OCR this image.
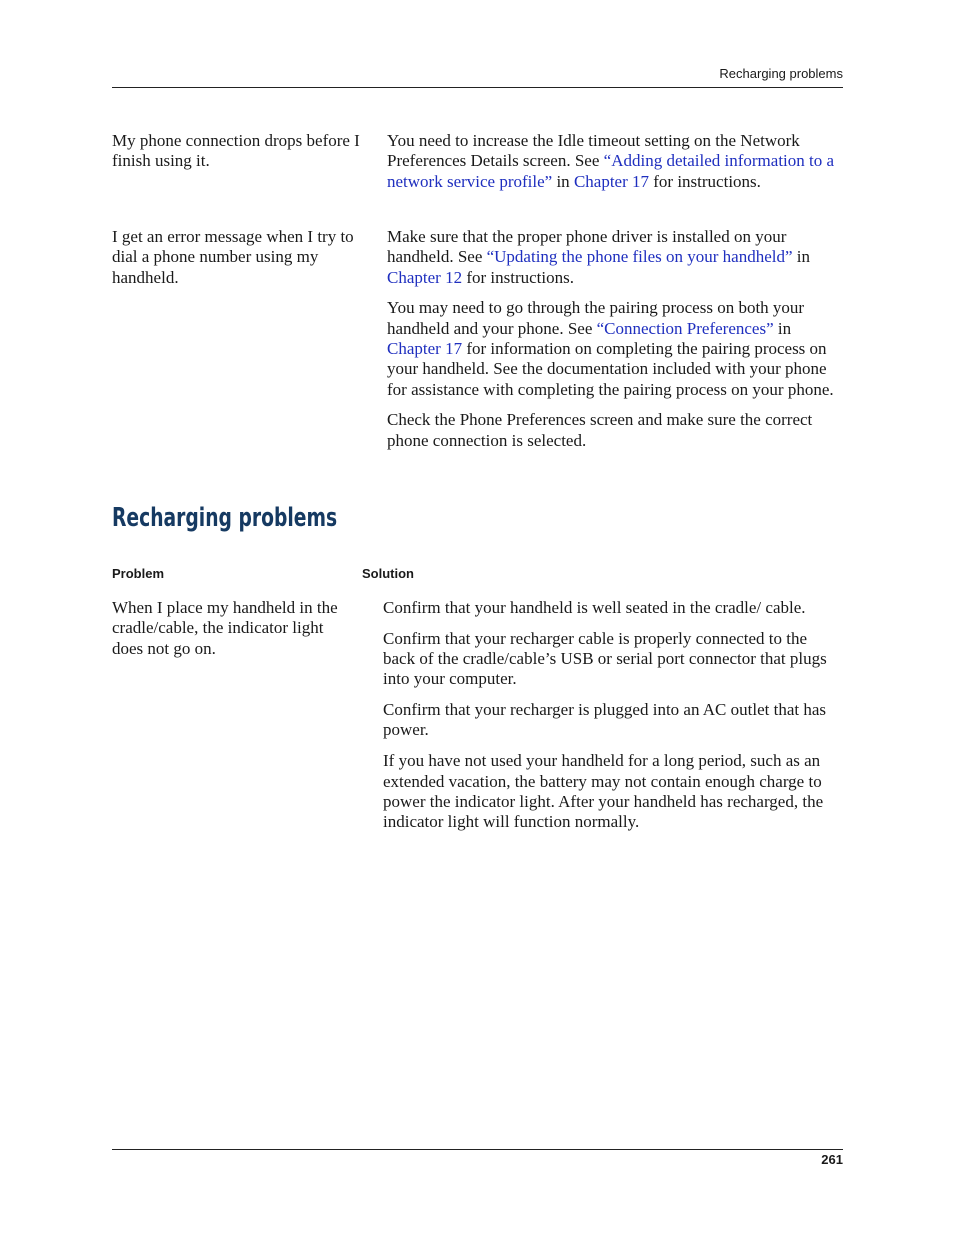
Recharging problems
My phone connection drops before I finish using it.

You need to increase the Idle timeout setting on the Network Preferences Details screen. See “Adding detailed information to a network service profile” in Chapter 17 for instructions.

I get an error message when I try to dial a phone number using my handheld.

Make sure that the proper phone driver is installed on your handheld. See “Updating the phone files on your handheld” in Chapter 12 for instructions.

You may need to go through the pairing process on both your handheld and your phone. See “Connection Preferences” in Chapter 17 for information on completing the pairing process on your handheld. See the documentation included with your phone for assistance with completing the pairing process on your phone.

Check the Phone Preferences screen and make sure the correct phone connection is selected.

Recharging problems
Problem	Solution
When I place my handheld in the cradle/cable, the indicator light does not go on.

Confirm that your handheld is well seated in the cradle/ cable.

Confirm that your recharger cable is properly connected to the back of the cradle/cable’s USB or serial port connector that plugs into your computer.

Confirm that your recharger is plugged into an AC outlet that has power.

If you have not used your handheld for a long period, such as an extended vacation, the battery may not contain enough charge to power the indicator light. After your handheld has recharged, the indicator light will function normally.

261
